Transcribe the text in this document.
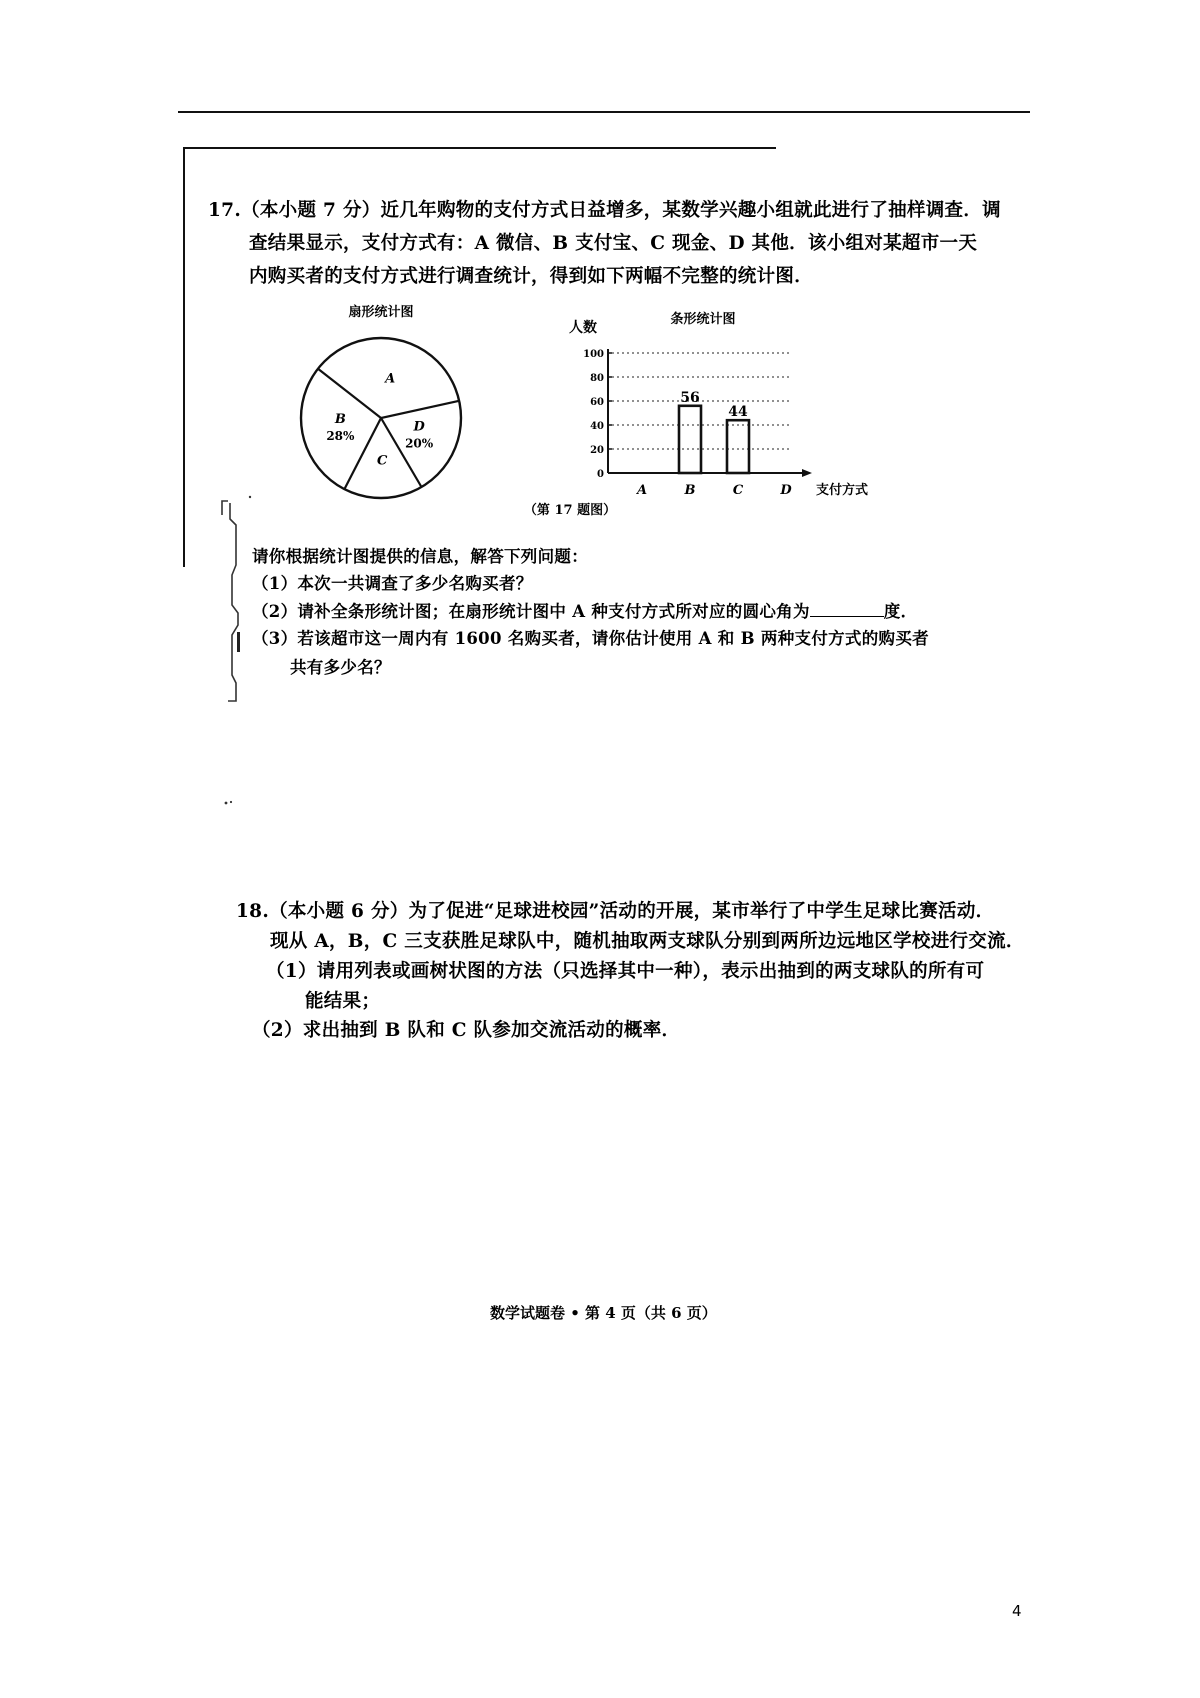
17.（本小题 7 分）近几年购物的支付方式日益增多，某数学兴趣小组就此进行了抽样调查．调
查结果显示，支付方式有：A 微信、B 支付宝、C 现金、D 其他．该小组对某超市一天
内购买者的支付方式进行调查统计，得到如下两幅不完整的统计图．
扇形统计图
A
D
20%
C
B
28%
人数
条形统计图
支付方式
0
20
40
60
80
100
A	B
56
C
44
D
（第 17 题图）
请你根据统计图提供的信息，解答下列问题：
（1）本次一共调查了多少名购买者？
（2）请补全条形统计图；在扇形统计图中 A 种支付方式所对应的圆心角为	度．
（3）若该超市这一周内有 1600 名购买者，请你估计使用 A 和 B 两种支付方式的购买者
共有多少名？
18.（本小题 6 分）为了促进“足球进校园”活动的开展，某市举行了中学生足球比赛活动．
现从 A，B，C 三支获胜足球队中，随机抽取两支球队分别到两所边远地区学校进行交流．
（1）请用列表或画树状图的方法（只选择其中一种），表示出抽到的两支球队的所有可
能结果；
（2）求出抽到 B 队和 C 队参加交流活动的概率．
数学试题卷 • 第 4 页（共 6 页）
4
